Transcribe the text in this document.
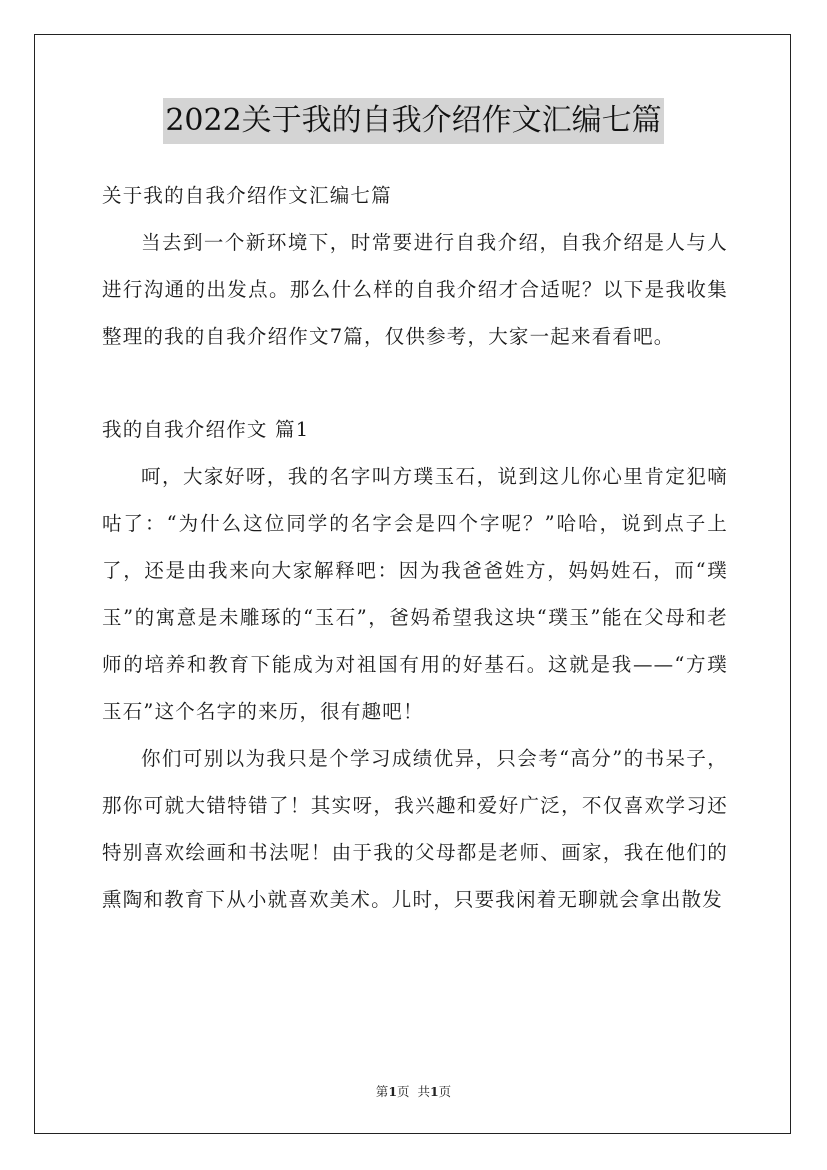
2022关于我的自我介绍作文汇编七篇

关于我的自我介绍作文汇编七篇

当去到一个新环境下，时常要进行自我介绍，自我介绍是人与人进行沟通的出发点。那么什么样的自我介绍才合适呢？以下是我收集整理的我的自我介绍作文7篇，仅供参考，大家一起来看看吧。

我的自我介绍作文 篇1

呵，大家好呀，我的名字叫方璞玉石，说到这儿你心里肯定犯嘀咕了：“为什么这位同学的名字会是四个字呢？”哈哈，说到点子上了，还是由我来向大家解释吧：因为我爸爸姓方，妈妈姓石，而“璞玉”的寓意是未雕琢的“玉石”，爸妈希望我这块“璞玉”能在父母和老师的培养和教育下能成为对祖国有用的好基石。这就是我——“方璞玉石”这个名字的来历，很有趣吧！

你们可别以为我只是个学习成绩优异，只会考“高分”的书呆子，那你可就大错特错了！其实呀，我兴趣和爱好广泛，不仅喜欢学习还特别喜欢绘画和书法呢！由于我的父母都是老师、画家，我在他们的熏陶和教育下从小就喜欢美术。儿时，只要我闲着无聊就会拿出散发

第1页  共1页
